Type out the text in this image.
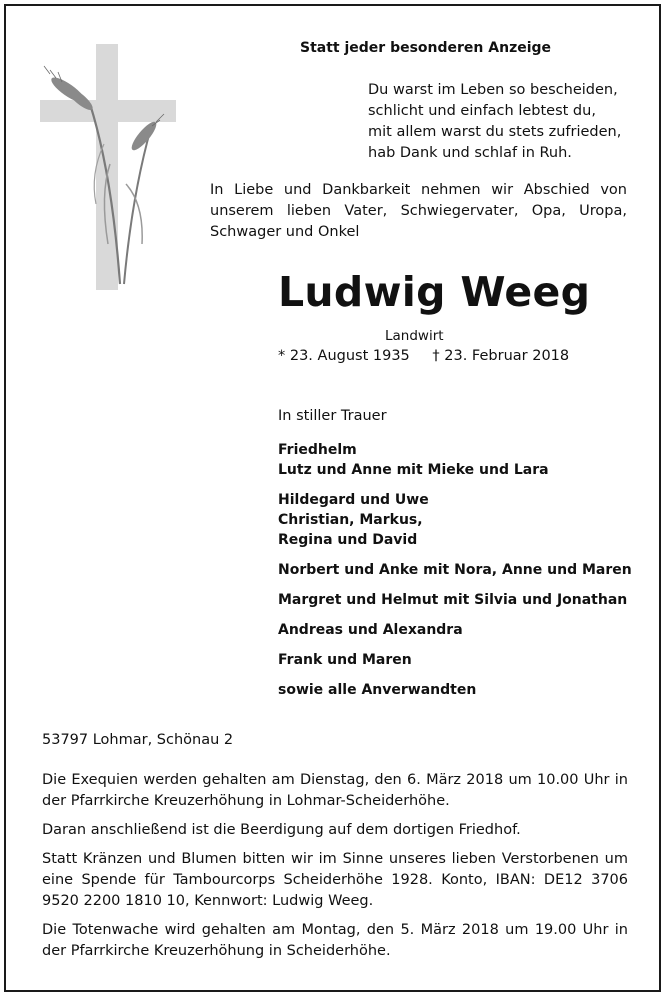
Statt jeder besonderen Anzeige
Du warst im Leben so bescheiden,
schlicht und einfach lebtest du,
mit allem warst du stets zufrieden,
hab Dank und schlaf in Ruh.
In Liebe und Dankbarkeit nehmen wir Abschied von unserem lieben Vater, Schwiegervater, Opa, Uropa, Schwager und Onkel
Ludwig Weeg
Landwirt
* 23. August 1935 † 23. Februar 2018
In stiller Trauer
Friedhelm
Lutz und Anne mit Mieke und Lara
Hildegard und Uwe
Christian, Markus,
Regina und David
Norbert und Anke mit Nora, Anne und Maren
Margret und Helmut mit Silvia und Jonathan
Andreas und Alexandra
Frank und Maren
sowie alle Anverwandten
53797 Lohmar, Schönau 2
Die Exequien werden gehalten am Dienstag, den 6. März 2018 um 10.00 Uhr in der Pfarrkirche Kreuzerhöhung in Lohmar-Scheiderhöhe.
Daran anschließend ist die Beerdigung auf dem dortigen Friedhof.
Statt Kränzen und Blumen bitten wir im Sinne unseres lieben Verstorbenen um eine Spende für Tambourcorps Scheiderhöhe 1928. Konto, IBAN: DE12 3706 9520 2200 1810 10, Kennwort: Ludwig Weeg.
Die Totenwache wird gehalten am Montag, den 5. März 2018 um 19.00 Uhr in der Pfarrkirche Kreuzerhöhung in Scheiderhöhe.
